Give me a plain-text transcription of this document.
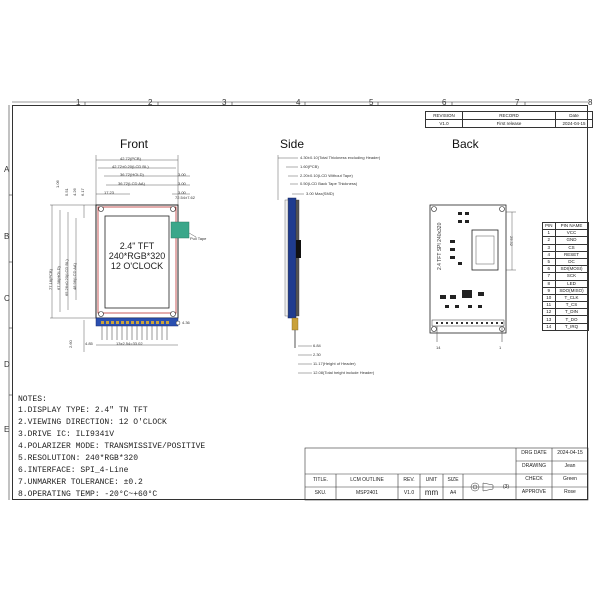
1	2	3	4	5	6	7	8
A
B
C
D
E
REVISION	RECORD	Date
V1.0	First release	2024-04-15
Front	Side	Back
2.4" TFT
240*RGB*320
12 O'CLOCK
Pull Tape
42.72(PCB)
42.72±0.20(LCD BL)
36.72(HOLD)
36.72(LCD AA)
17.23
3.00
3.00
3.00
72.54±7.62
1.06
5.51 4.26
77.18(PCB) 67.38(HOLD) 65.26±0.20(LCD BL) 48.96(LCD AA)
6.17
4.85	13x2.54=33.02
2.60
4.36
4.30±0.10(Total Thickness excluding Header)
1.60(PCB)
2.20±0.10(LCD Without Tape)
0.50(LCD Back Tape Thickness)
3.00 Max(SMD)
6.84
2.30
11.17(Height of Header)
12.08(Total height include Header)
2.4 TFT SPI 240x320	29.32
14	1
PIN	PIN NAME
1	VCC
2	GND
3	CS
4	RESET
5	DC
6	SDI(MOSI)
7	SCK
8	LED
9	SDO(MISO)
10	T_CLK
11	T_CS
12	T_DIN
13	T_DO
14	T_IRQ
NOTES:
1.DISPLAY TYPE: 2.4" TN TFT
2.VIEWING DIRECTION: 12 O'CLOCK
3.DRIVE IC: ILI9341V
4.POLARIZER MODE: TRANSMISSIVE/POSITIVE
5.RESOLUTION: 240*RGB*320
6.INTERFACE: SPI_4-Line
7.UNMARKER TOLERANCE: ±0.2
8.OPERATING TEMP: -20°C~+60°C
DRG DATE	2024-04-15
DRAWING	Jean
CHECK	Green
APPROVE	Rose
TITLE.	LCM OUTLINE
SKU.	MSP2401
REV.
V1.0
UNIT
mm
SIZE
A4
(3)
